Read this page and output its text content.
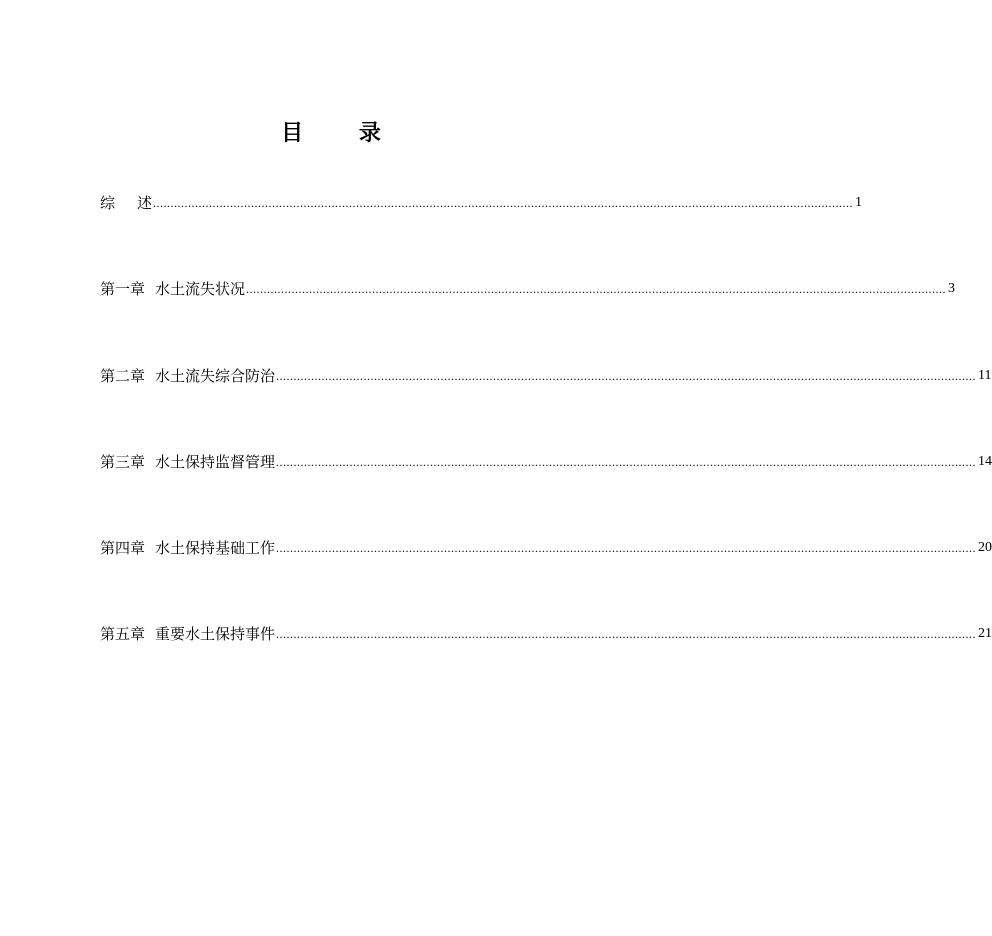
目 录
综 述 ........................................................................................................................................................................................................ 1
第一章 水土流失状况 ........................................................................................................................................................................................................ 3
第二章 水土流失综合防治 ........................................................................................................................................................................................................ 11
第三章 水土保持监督管理 ........................................................................................................................................................................................................ 14
第四章 水土保持基础工作 ........................................................................................................................................................................................................ 20
第五章 重要水土保持事件 ........................................................................................................................................................................................................ 21
